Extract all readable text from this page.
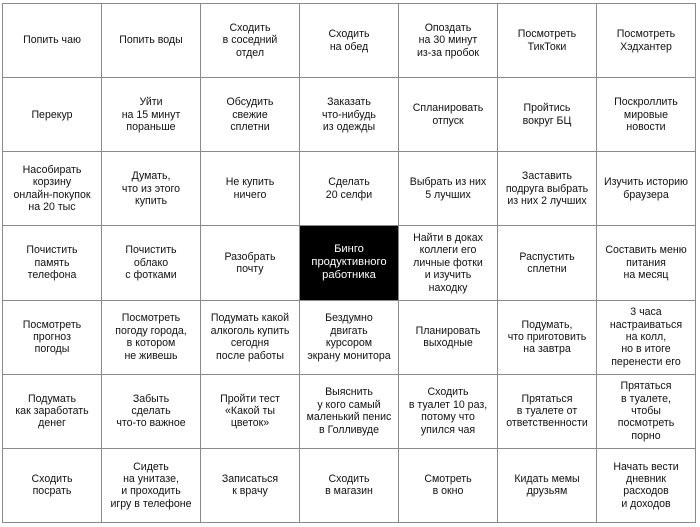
Попить чаю	Попить воды
Сходить
в соседний
отдел
Сходить
на обед
Опоздать
на 30 минут
из-за пробок
Посмотреть
ТикТоки
Посмотреть
Хэдхантер
Перекур
Уйти
на 15 минут
пораньше
Обсудить
свежие
сплетни
Заказать
что-нибудь
из одежды
Спланировать
отпуск
Пройтись
вокруг БЦ
Поскроллить
мировые
новости
Насобирать
корзину
онлайн-покупок
на 20 тыс
Думать,
что из этого
купить
Не купить
ничего
Сделать
20 селфи
Выбрать из них
5 лучших
Заставить
подруга выбрать
из них 2 лучших
Изучить историю
браузера
Почистить
память
телефона
Почистить
облако
с фотками
Разобрать
почту
Бинго
продуктивного
работника
Найти в доках
коллеги его
личные фотки
и изучить
находку
Распустить
сплетни
Составить меню
питания
на месяц
Посмотреть
прогноз
погоды
Посмотреть
погоду города,
в котором
не живешь
Подумать какой
алкоголь купить
сегодня
после работы
Бездумно
двигать
курсором
экрану монитора
Планировать
выходные
Подумать,
что приготовить
на завтра
3 часа
настраиваться
на колл,
но в итоге
перенести его
Подумать
как заработать
денег
Забыть
сделать
что-то важное
Пройти тест
«Какой ты
цветок»
Выяснить
у кого самый
маленький пенис
в Голливуде
Сходить
в туалет 10 раз,
потому что
упился чая
Прятаться
в туалете от
ответственности
Прятаться
в туалете,
чтобы
посмотреть
порно
Сходить
посрать
Сидеть
на унитазе,
и проходить
игру в телефоне
Записаться
к врачу
Сходить
в магазин
Смотреть
в окно
Кидать мемы
друзьям
Начать вести
дневник
расходов
и доходов
